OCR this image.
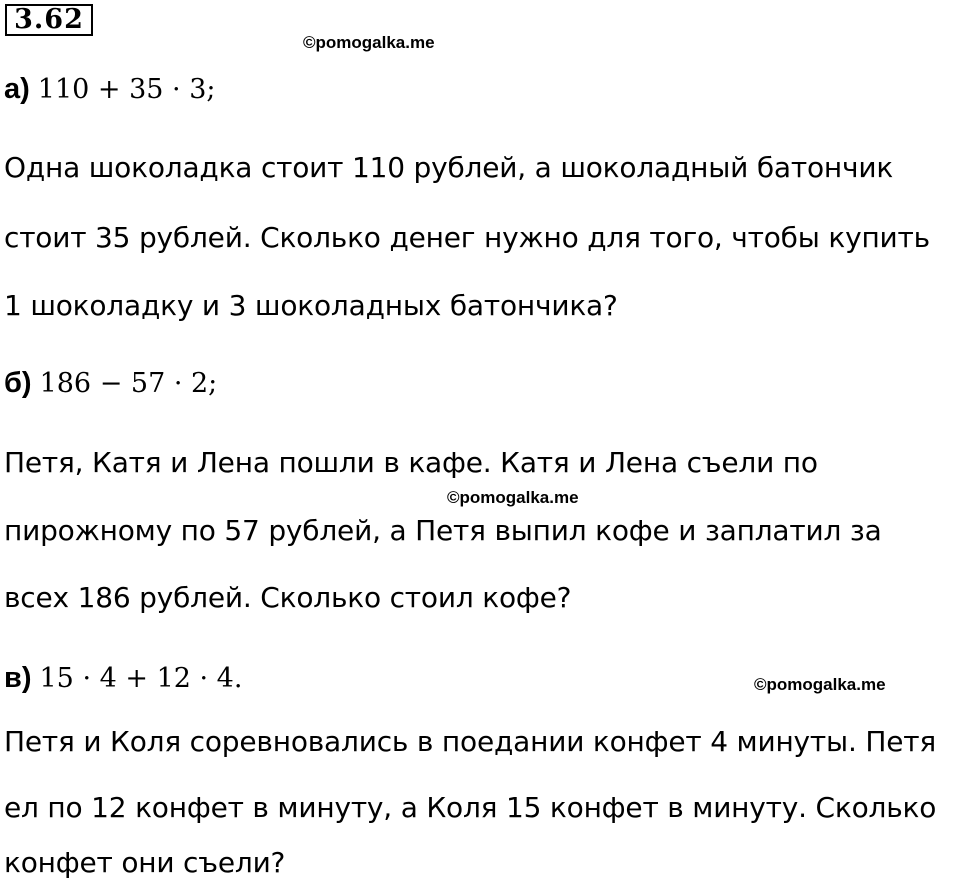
3.62
©pomogalka.me
а) 110 + 35 · 3;
Одна шоколадка стоит 110 рублей, а шоколадный батончик
стоит 35 рублей. Сколько денег нужно для того, чтобы купить
1 шоколадку и 3 шоколадных батончика?
б) 186 − 57 · 2;
Петя, Катя и Лена пошли в кафе. Катя и Лена съели по
©pomogalka.me
пирожному по 57 рублей, а Петя выпил кофе и заплатил за
всех 186 рублей. Сколько стоил кофе?
в) 15 · 4 + 12 · 4.	©pomogalka.me
Петя и Коля соревновались в поедании конфет 4 минуты. Петя
ел по 12 конфет в минуту, а Коля 15 конфет в минуту. Сколько
конфет они съели?
